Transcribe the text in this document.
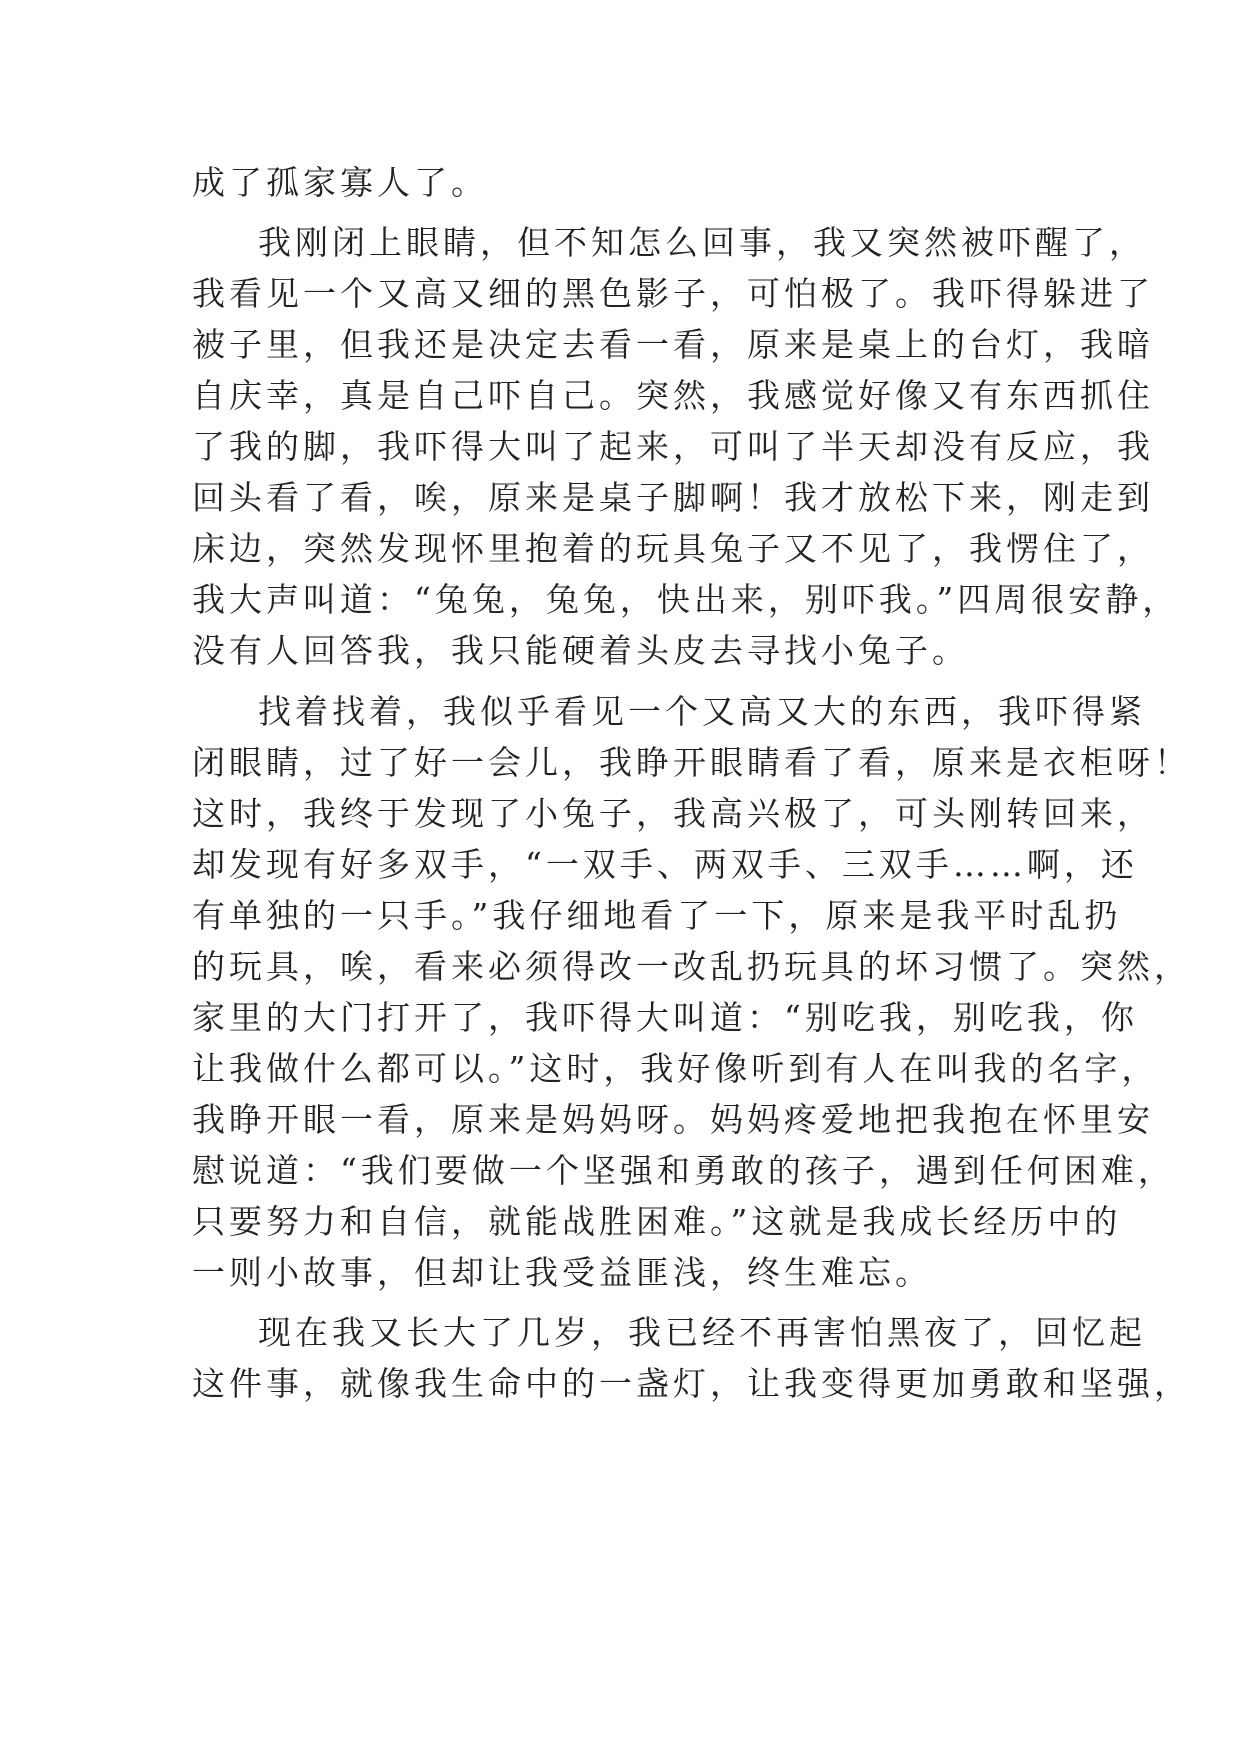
成了孤家寡人了。
我刚闭上眼睛，但不知怎么回事，我又突然被吓醒了，
我看见一个又高又细的黑色影子，可怕极了。我吓得躲进了
被子里，但我还是决定去看一看，原来是桌上的台灯，我暗
自庆幸，真是自己吓自己。突然，我感觉好像又有东西抓住
了我的脚，我吓得大叫了起来，可叫了半天却没有反应，我
回头看了看，唉，原来是桌子脚啊！我才放松下来，刚走到
床边，突然发现怀里抱着的玩具兔子又不见了，我愣住了，
我大声叫道：“兔兔，兔兔，快出来，别吓我。”四周很安静，
没有人回答我，我只能硬着头皮去寻找小兔子。
找着找着，我似乎看见一个又高又大的东西，我吓得紧
闭眼睛，过了好一会儿，我睁开眼睛看了看，原来是衣柜呀！
这时，我终于发现了小兔子，我高兴极了，可头刚转回来，
却发现有好多双手，“一双手、两双手、三双手……啊，还
有单独的一只手。”我仔细地看了一下，原来是我平时乱扔
的玩具，唉，看来必须得改一改乱扔玩具的坏习惯了。突然，
家里的大门打开了，我吓得大叫道：“别吃我，别吃我，你
让我做什么都可以。”这时，我好像听到有人在叫我的名字，
我睁开眼一看，原来是妈妈呀。妈妈疼爱地把我抱在怀里安
慰说道：“我们要做一个坚强和勇敢的孩子，遇到任何困难，
只要努力和自信，就能战胜困难。”这就是我成长经历中的
一则小故事，但却让我受益匪浅，终生难忘。
现在我又长大了几岁，我已经不再害怕黑夜了，回忆起
这件事，就像我生命中的一盏灯，让我变得更加勇敢和坚强，
